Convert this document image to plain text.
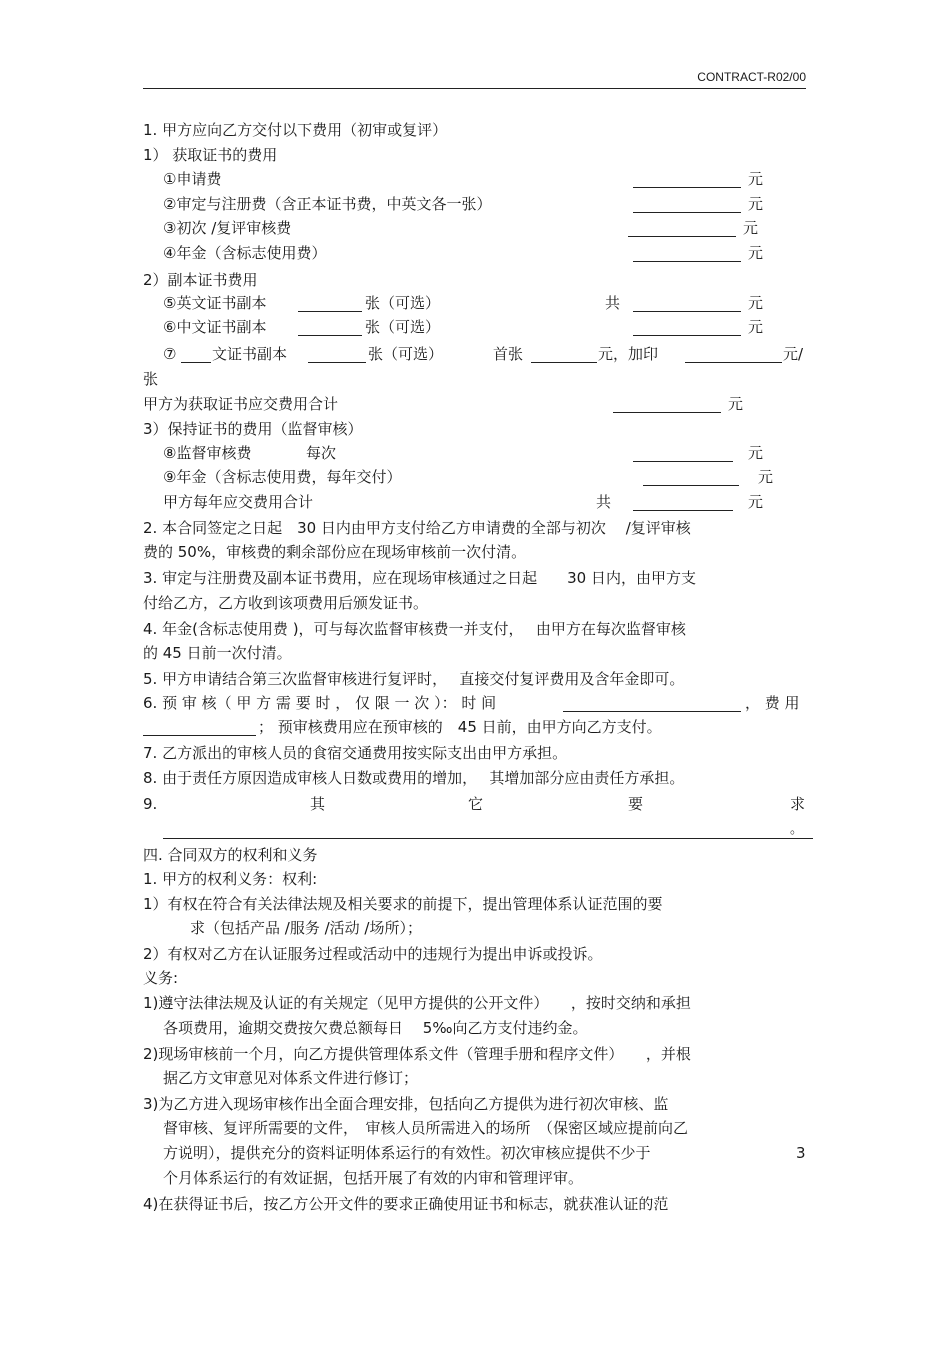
CONTRACT-R02/00
1. 甲方应向乙方交付以下费用（初审或复评）
1） 获取证书的费用
①申请费	元
②审定与注册费（含正本证书费，中英文各一张）	元
③初次 /复评审核费	元
④年金（含标志使用费）	元
2）副本证书费用
⑤英文证书副本	张（可选）	共	元
⑥中文证书副本	张（可选）	元
⑦ 文证书副本	张（可选）	首张	元，加印	元/
张
甲方为获取证书应交费用合计	元
3）保持证书的费用（监督审核）
⑧监督审核费	每次	元
⑨年金（含标志使用费，每年交付）	元
甲方每年应交费用合计	共	元
2. 本合同签定之日起　30 日内由甲方支付给乙方申请费的全部与初次　 /复评审核
费的 50%，审核费的剩余部份应在现场审核前一次付清。
3. 审定与注册费及副本证书费用，应在现场审核通过之日起　　30 日内，由甲方支
付给乙方，乙方收到该项费用后颁发证书。
4. 年金(含标志使用费 )，可与每次监督审核费一并支付，　 由甲方在每次监督审核
的 45 日前一次付清。
5. 甲方申请结合第三次监督审核进行复评时，　 直接交付复评费用及含年金即可。
6. 预 审 核（ 甲 方 需 要 时 ， 仅 限 一 次 ）： 时 间	， 费 用
； 预审核费用应在预审核的　45 日前，由甲方向乙方支付。
7. 乙方派出的审核人员的食宿交通费用按实际支出由甲方承担。
8. 由于责任方原因造成审核人日数或费用的增加，　 其增加部分应由责任方承担。
9.	其	它	要	求
。
四. 合同双方的权利和义务
1. 甲方的权利义务：权利:
1）有权在符合有关法律法规及相关要求的前提下，提出管理体系认证范围的要
求（包括产品 /服务 /活动 /场所）；
2）有权对乙方在认证服务过程或活动中的违规行为提出申诉或投诉。
义务:
1)遵守法律法规及认证的有关规定（见甲方提供的公开文件）　　，按时交纳和承担
各项费用，逾期交费按欠费总额每日　 5‰向乙方支付违约金。
2)现场审核前一个月，向乙方提供管理体系文件（管理手册和程序文件）　　，并根
据乙方文审意见对体系文件进行修订；
3)为乙方进入现场审核作出全面合理安排，包括向乙方提供为进行初次审核、监
督审核、复评所需要的文件，　审核人员所需进入的场所　（保密区域应提前向乙
方说明），提供充分的资料证明体系运行的有效性。初次审核应提供不少于	3
个月体系运行的有效证据，包括开展了有效的内审和管理评审。
4)在获得证书后，按乙方公开文件的要求正确使用证书和标志，就获准认证的范
